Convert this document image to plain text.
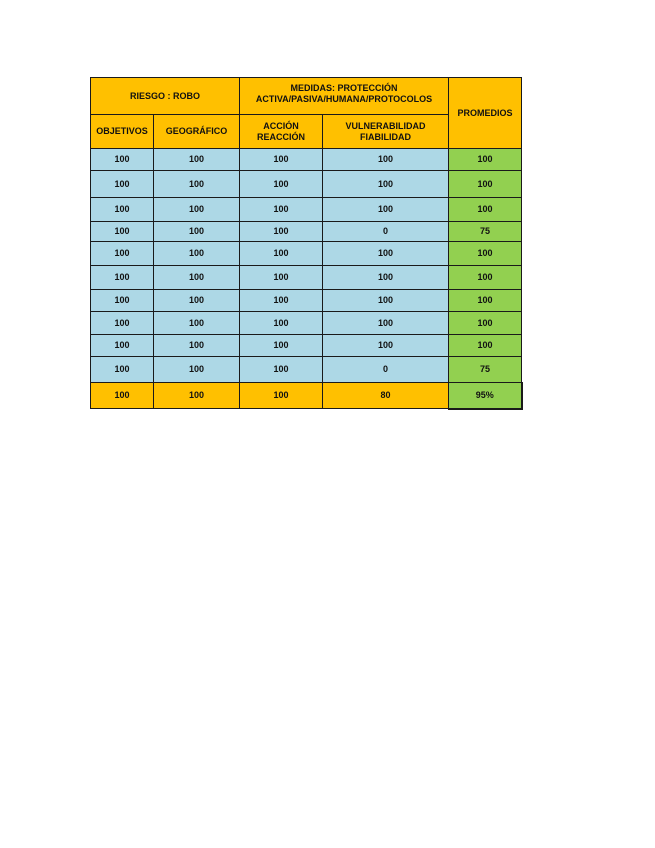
RIESGO : ROBO		MEDIDAS: PROTECCIÓN ACTIVA/PASIVA/HUMANA/PROTOCOLOS		PROMEDIOS
OBJETIVOS	GEOGRÁFICO	ACCIÓN REACCIÓN	VULNERABILIDAD FIABILIDAD	
100	100	100	100	100
100	100	100	100	100
100	100	100	100	100
100	100	100	0	75
100	100	100	100	100
100	100	100	100	100
100	100	100	100	100
100	100	100	100	100
100	100	100	100	100
100	100	100	0	75
100	100	100	80	95%
